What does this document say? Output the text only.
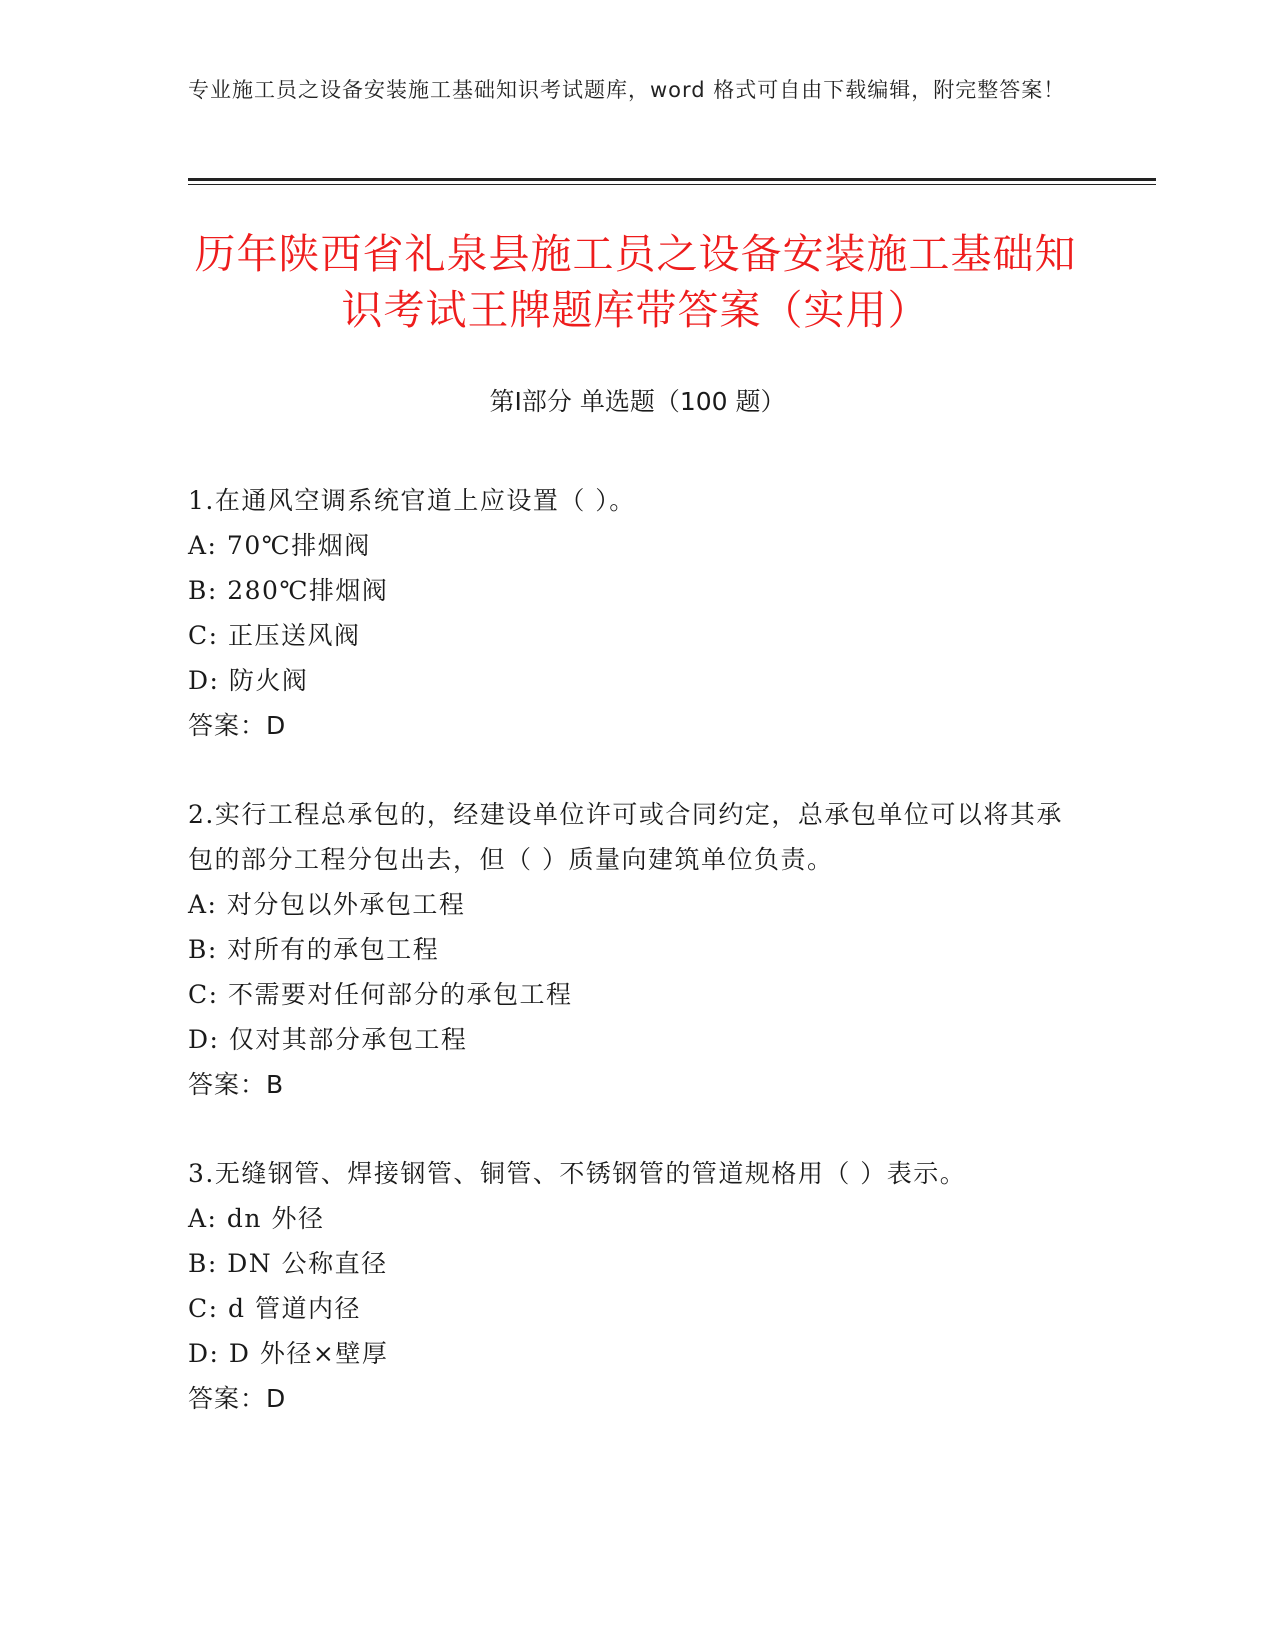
专业施工员之设备安装施工基础知识考试题库，word 格式可自由下载编辑，附完整答案！
历年陕西省礼泉县施工员之设备安装施工基础知识考试王牌题库带答案（实用）
第Ⅰ部分 单选题（100 题）
1.在通风空调系统官道上应设置（ ）。
A: 70℃排烟阀
B: 280℃排烟阀
C: 正压送风阀
D: 防火阀
答案：D
2.实行工程总承包的，经建设单位许可或合同约定，总承包单位可以将其承包的部分工程分包出去，但（ ）质量向建筑单位负责。
A: 对分包以外承包工程
B: 对所有的承包工程
C: 不需要对任何部分的承包工程
D: 仅对其部分承包工程
答案：B
3.无缝钢管、焊接钢管、铜管、不锈钢管的管道规格用（ ）表示。
A: dn 外径
B: DN 公称直径
C: d 管道内径
D: D 外径×壁厚
答案：D
